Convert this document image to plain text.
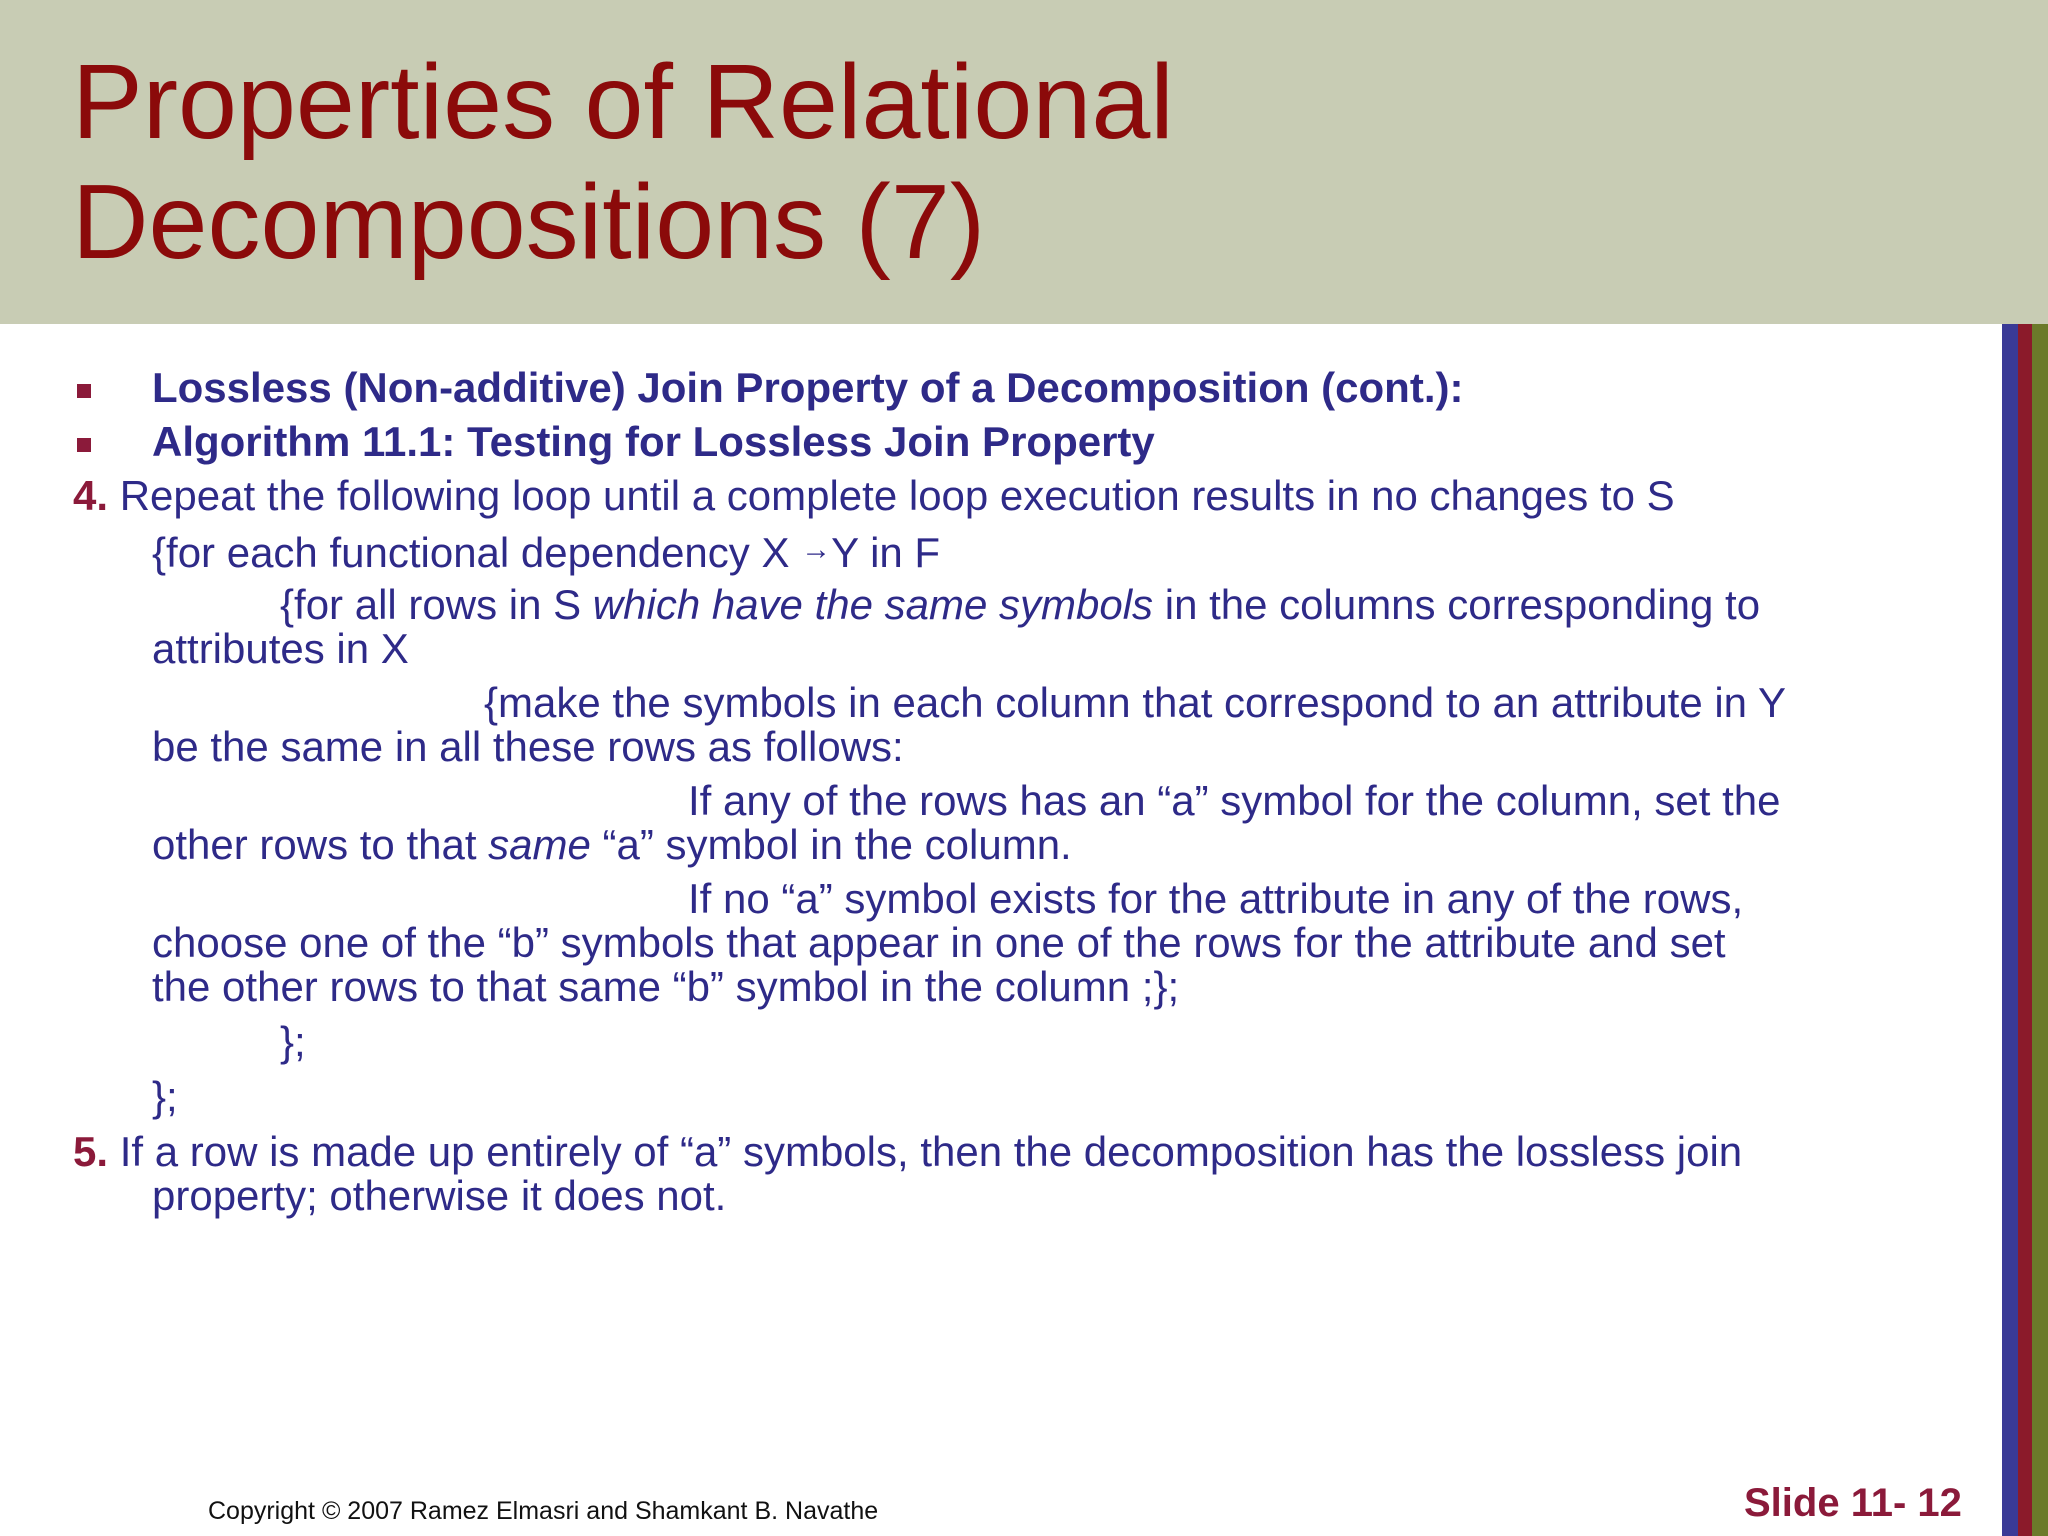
Properties of Relational
Decompositions (7)

Lossless (Non-additive) Join Property of a Decomposition (cont.):

Algorithm 11.1: Testing for Lossless Join Property

4. Repeat the following loop until a complete loop execution results in no changes to S

{for each functional dependency X →Y in F

{for all rows in S which have the same symbols in the columns corresponding to

attributes in X

{make the symbols in each column that correspond to an attribute in Y

be the same in all these rows as follows:

If any of the rows has an “a” symbol for the column, set the

other rows to that same “a” symbol in the column.

If no “a” symbol exists for the attribute in any of the rows,

choose one of the “b” symbols that appear in one of the rows for the attribute and set

the other rows to that same “b” symbol in the column ;};

};

};

5. If a row is made up entirely of “a” symbols, then the decomposition has the lossless join

property; otherwise it does not.

Copyright © 2007 Ramez Elmasri and Shamkant B. Navathe	Slide 11- 12
